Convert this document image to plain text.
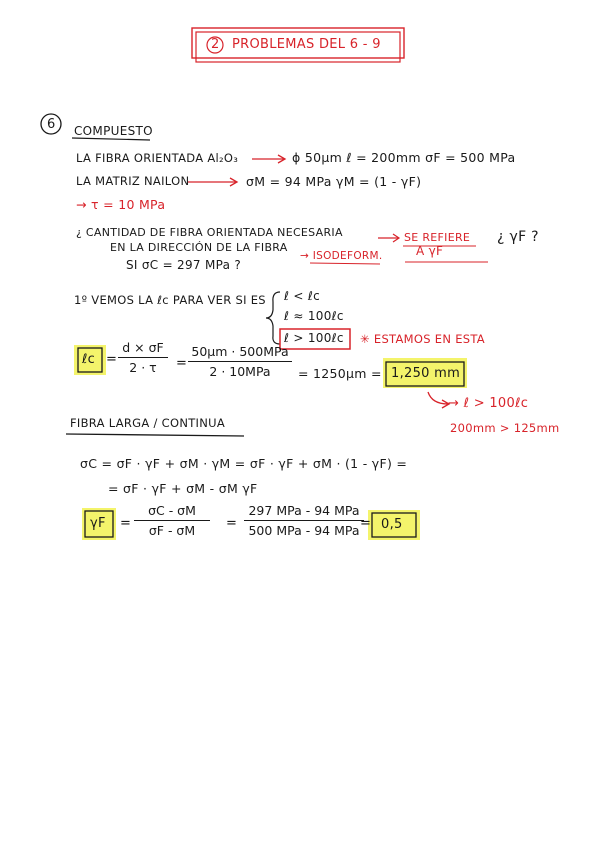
2 PROBLEMAS DEL 6 - 9
6 COMPUESTO
LA FIBRA ORIENTADA Al₂O₃	ϕ 50μm ℓ = 200mm σF = 500 MPa
LA MATRIZ NAILON	σM = 94 MPa γM = (1 - γF)
→ τ = 10 MPa
¿ CANTIDAD DE FIBRA ORIENTADA NECESARIA
EN LA DIRECCIÓN DE LA FIBRA
SI σC = 297 MPa ?
SE REFIERE
A γF
→ ISODEFORM.
¿ γF ?
1º VEMOS LA ℓc PARA VER SI ES ℓ < ℓc
ℓ ≈ 100ℓc
ℓ > 100ℓc ✳ ESTAMOS EN ESTA
ℓc =
d × σF
2 · τ	=
50μm · 500MPa
2 · 10MPa	= 1250μm = 1,250 mm
→ ℓ > 100ℓc
200mm > 125mm
FIBRA LARGA / CONTINUA
σC = σF · γF + σM · γM = σF · γF + σM · (1 - γF) =
= σF · γF + σM - σM γF
γF =
σC - σM
σF - σM	=
297 MPa - 94 MPa
500 MPa - 94 MPa = 0,5
